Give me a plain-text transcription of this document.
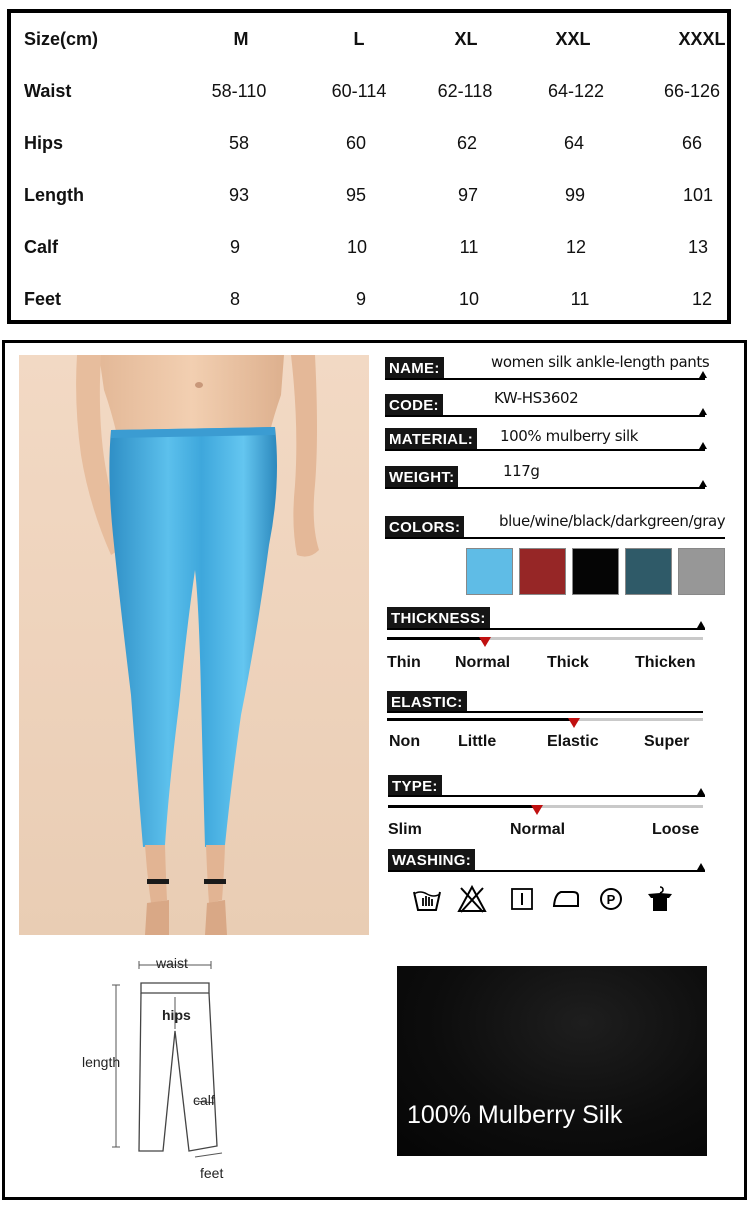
Size(cm)	M	L	XL	XXL	XXXL
Waist	58-110	60-114	62-118	64-122	66-126
Hips	58	60	62	64	66
Length	93	95	97	99	101
Calf	9	10	11	12	13
Feet	8	9	10	11	12
NAME:	women silk ankle-length pants
CODE:	KW-HS3602
MATERIAL: 100% mulberry silk
WEIGHT:	117g
COLORS:	blue/wine/black/darkgreen/gray
THICKNESS:
Thin Normal Thick	Thicken
ELASTIC:
Non Little	Elastic	Super
TYPE:
Slim	Normal	Loose
WASHING:
P
waist
hips
length
calf
feet
100% Mulberry Silk
